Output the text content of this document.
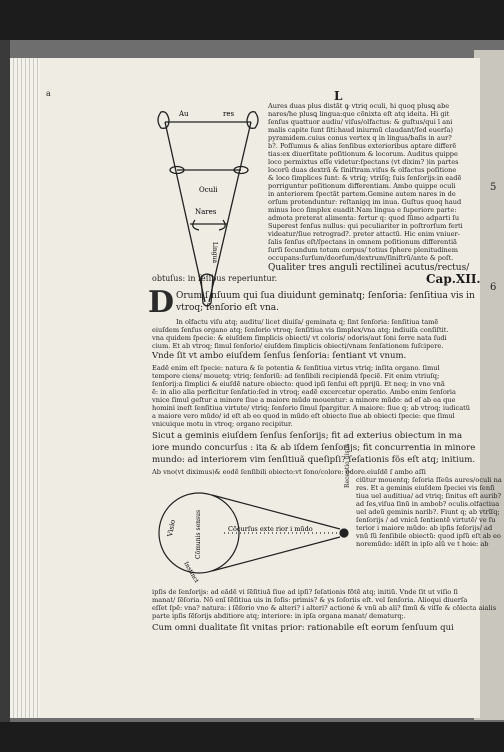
a	L
Au	res
Oculi
Nares
Lingua
Aures duas plus distãt ꝙ vtriq oculi, hi quoq plusꝗ abe
nares/he plusꝗ lingua:que cõnixta eſt atq ideita. Hi git
ſenſus quattuor audiu/ viſus/olfactus: & guſtus/qui ī ani
malis capite ſunt ſiti:haud iniurmũ claudant/ſed euerſa)
pyramidem.cuius conus vertex q in lingua/baſis in aur?
b?. Poſſumus & alias ſenſibus exterioribus aptare differẽ
tias:ex diuerſitate poſitionum & locorum. Auditus quippe
loco permixtus eſſe videtur:ſpectans (vt dixim? )in partes
locorũ duas dextrã & ſiniſtram.viſus & olfactus poſitione
& loco ſimplices ſunt: & vtriq; vtriſq; ſuis ſenſorijs:in eadẽ
porriguntur poſitionum differentiam. Ambo quippe oculi
in anteriorem ſpectãt partem.Gemine autem nares in de
orſum protenduntur: reſtanigq im inua. Guſtus quoq haud
minus loco ſimplex euadit.Nam lingua e ſuperiore parte:
admota preterat alimenta: fertur q: quod ſũmo adparti ſu
Superest ſenſus nullus: qui peculiariter in poſtrorſum ferti
videatur/ſiue retrograd?. preter attactũ. Hic enim vniuer-
ſalis ſenſus eſt/ſpectans in omnem poſitionum differentiã
ſurſi ſecundum totum corpus/ totius ſphere plenitudinem
occupans:ſurſum/deorſum/dextrum/ſiniſtrũ/ante & poſt.
Qualiter tres anguli rectilinei acutus/rectus/
obtuſus: in ſeſibus reperiuntur.	Cap.XII.
D Orum ſ nſuum qui ſua diuidunt geminatq; ſenſoria: ſenſitiua vis in
vtroq; ſenſorio eſt vna.
In olfactu viſu atq; auditu/ licet diuiſa/ geminata q; ſint ſenſoria: ſenſitiua tamẽ
eiuſdem ſenſus organo atq; ſenſorio vtroq; ſenſitiua vis ſimplex/vna atq; indiuiſa conſiſtit.
vna quidem ſpecie: & eiuſdem ſimplicis obiecti/ vt coloris/ odoris/aut ſoni ſerre nata ſudi
cium. Et ab vtroq; ſimul ſenſorio/ eiuſdem ſimplicis obiecti/vnam ſenſationem ſuſcipere.
Vnde ſit vt ambo eiuſdem ſenſus ſenſoria: ſentiant vt vnum.
Eadẽ enim eſt ſpecie: natura & ſe potentia & ſenſitiua virtus vtriq; inſita organo. ſimul
tempore ciens/ mouetq; vtriq; ſenſoriũ: ad ſenſibili recipiendã ſpeciẽ. Fit enim vtriuſq;
ſenſorij:a ſimplici & eiuſdẽ nature obiecto: quod ipſi ſenſui eſt pprijũ. Et neq; in vno vnã
ẽ: in alio alia perficitur ſenſatio:ſed in vtroq; eadẽ excercetur operatio. Ambo enim ſenſoria
vnice ſimul geſtur a minore ſiue a maiore mũdo mouentur: a minore mũdo: ad eſ ab ea que
homini ineſt ſenſitiua virtute/ vtriq; ſenſorio ſimul ſpargitur. A maiore: ſiue q; ab vtroq; iudicatũ
a maiore vero mũdo/ id eſt ab eo quod in mũdo eſt obiecto ſiue ab obiecti ſpecie: que ſimul
vnicuique motu in vtroq; organo recipitur.
Sicut a geminis eiuſdem ſenſus ſenſorijs; fit ad exterius obiectum in ma
iore mundo concurſus : ita & ab iſdem ſenſorijs; fit concurrentia in minore
mundo: ad interiorem vim ſenſitiuã queſipſi? ſeſationis fõs eſt atq; initium.
Visio
Instinct
Cõmunis sensus	Cõcurſus exte rior i mũdo
Receptio uisus
Ab vno(vt diximus)& eodẽ ſenſibili obiecto:vt ſono/colore: odore.eiuſdẽ ſ ambo aſſi
ciũtur mouentq; ſeſoria ſſeũs aures/oculi na
res. Et a geminis eiuſdem ſpeciei vis ſenſi
tiua uel auditiua/ ad vtriq; ſinitus eſt aurib?
ad ſes,viſua ſinũ in ambob? oculis.olfactiua
uel adeũ geminis narib?. Fiunt q; ab vtrĩſq;
ſenſorijs / ad vnicã ſentientẽ virtutẽ/ ve ſu
terior i maiore mũdo: ab ipſis ſeſorijs/ ad
vnũ ſũ ſenſibile obiectũ: quod ipſũ eſt ab eo
noremũdo: idẽſt in ipſo alũ ve t hoie: ab
ipſis de ſenſorijs: ad eãdẽ vi ſẽſitiuã ſiue ad ipſi? ſeſationis fõtẽ atq; initiũ. Vnde ſit ut viſio ſi
manat/ ſẽſoria. Nõ enĩ ſẽſitiua uis in ſoſis: primis? & ys ſoſoriis eſt. vel ſenſoria. Alioqui diuerſa
eſſet ſpẽ: vna? natura: i ſẽſorio vno & alteri? i alteri? actioné & vnũ ab ali? ſimũ & viſſe & cõlecta aialis
parte ipſis ſẽſorijs abditiore atq; interiore: in ipſa organa manat/ dematurq;.
Cum omni dualitate ſit vnitas prior: rationabile eſt eorum ſenſuum qui
5
6
